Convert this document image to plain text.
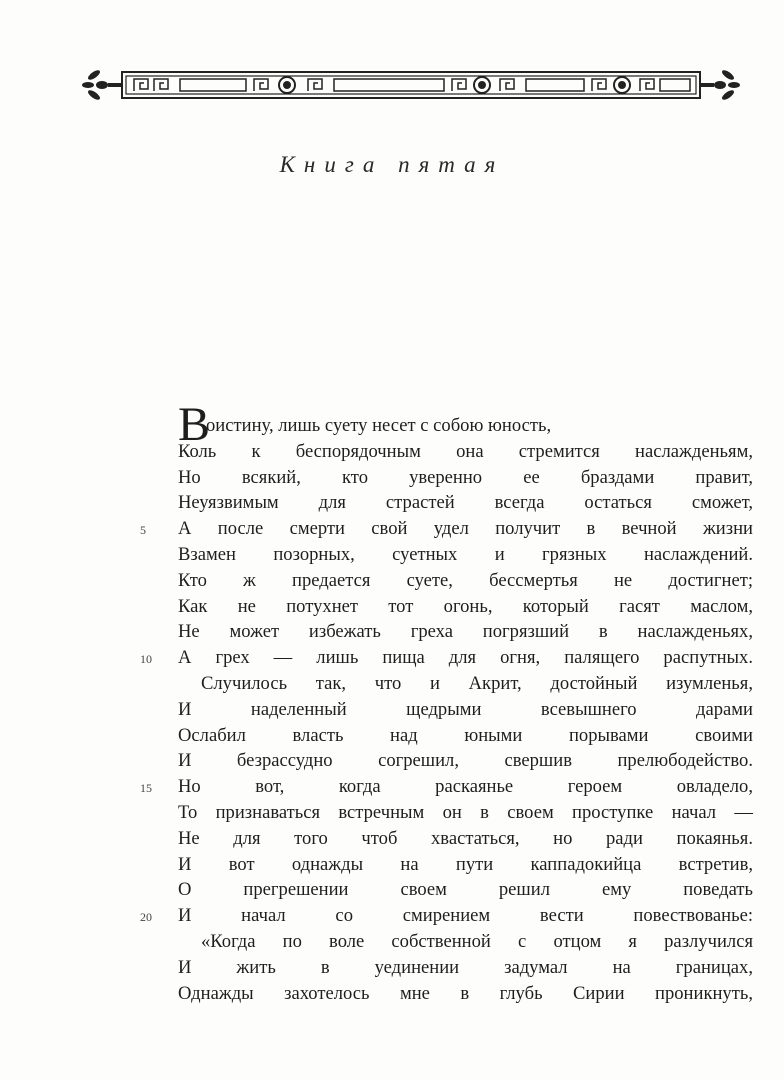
Книга пятая
В
оистину, лишь суету несет с собою юность,
Коль к беспорядочным она стремится наслажденьям,
Но всякий, кто уверенно ее браздами правит,
Неуязвимым для страстей всегда остаться сможет,
5	А после смерти свой удел получит в вечной жизни
Взамен позорных, суетных и грязных наслаждений.
Кто ж предается суете, бессмертья не достигнет;
Как не потухнет тот огонь, который гасят маслом,
Не может избежать греха погрязший в наслажденьях,
10	А грех — лишь пища для огня, палящего распутных.
Случилось так, что и Акрит, достойный изумленья,
И наделенный щедрыми всевышнего дарами
Ослабил власть над юными порывами своими
И безрассудно согрешил, свершив прелюбодейство.
15	Но вот, когда раскаянье героем овладело,
То признаваться встречным он в своем проступке начал —
Не для того чтоб хвастаться, но ради покаянья.
И вот однажды на пути каппадокийца встретив,
О прегрешении своем решил ему поведать
20	И начал со смирением вести повествованье:
«Когда по воле собственной с отцом я разлучился
И жить в уединении задумал на границах,
Однажды захотелось мне в глубь Сирии проникнуть,
